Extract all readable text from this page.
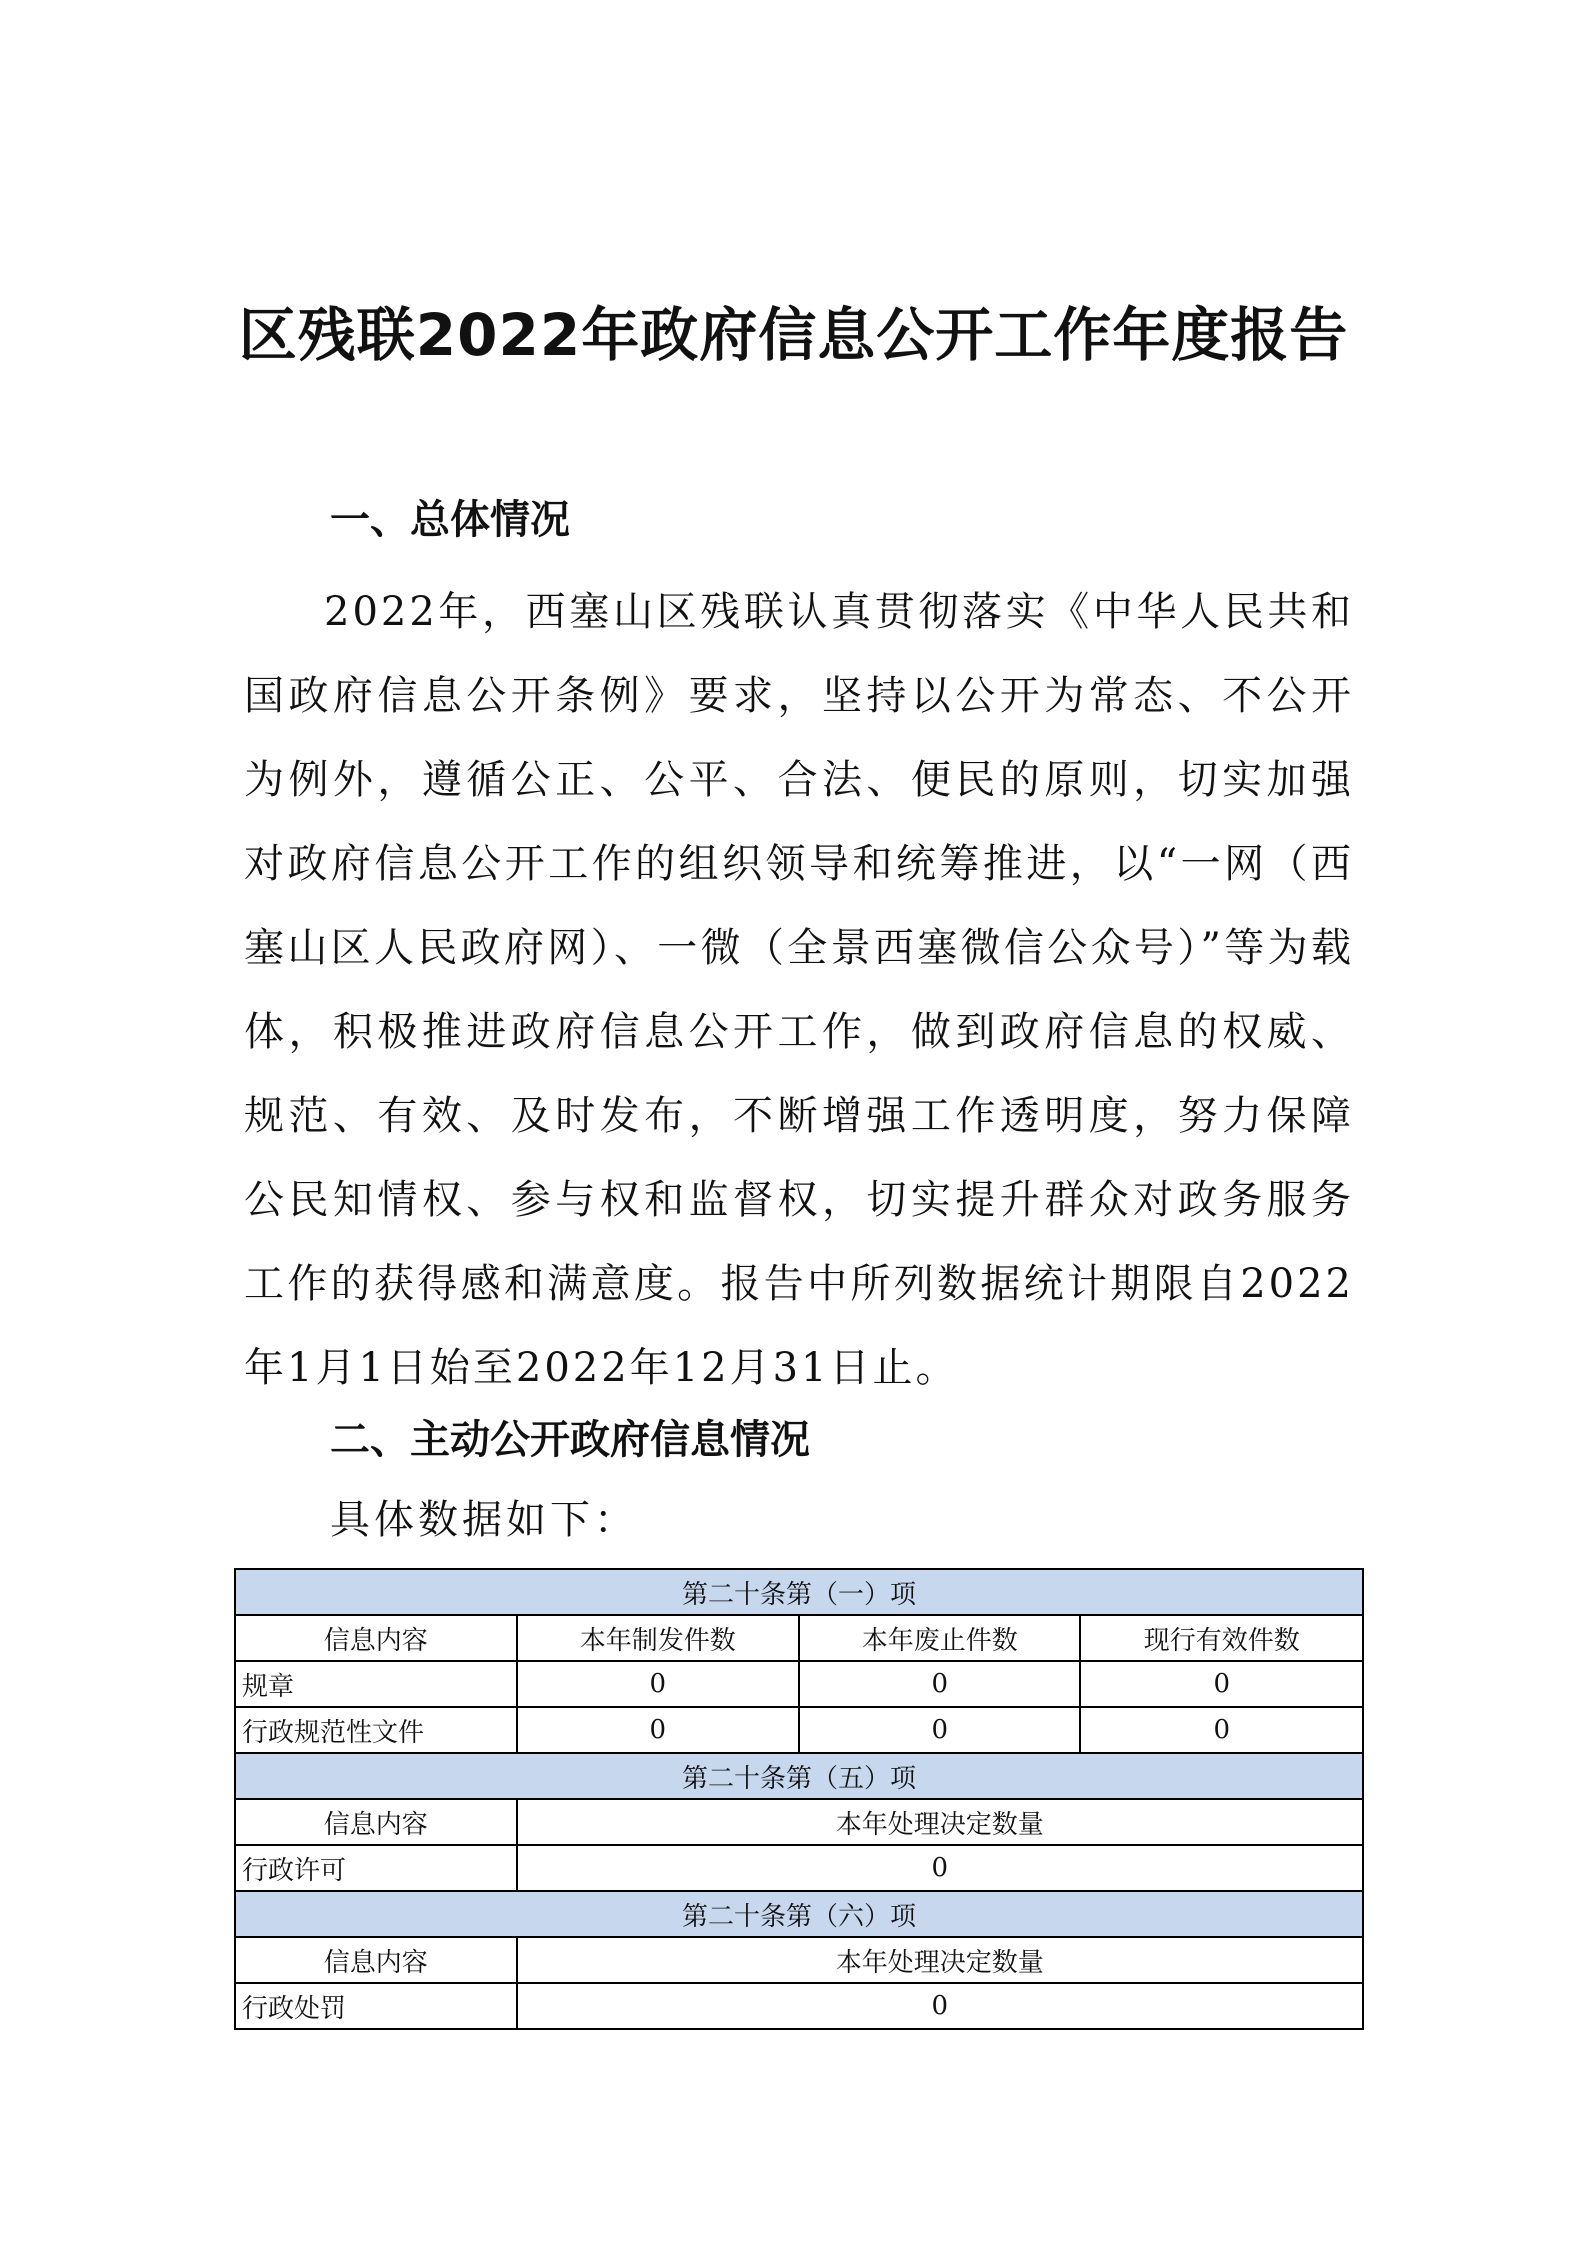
区残联2022年政府信息公开工作年度报告
一、总体情况

2022年，西塞山区残联认真贯彻落实《中华人民共和国政府信息公开条例》要求，坚持以公开为常态、不公开为例外，遵循公正、公平、合法、便民的原则，切实加强对政府信息公开工作的组织领导和统筹推进，以“一网（西塞山区人民政府网）、一微（全景西塞微信公众号）”等为载体，积极推进政府信息公开工作，做到政府信息的权威、规范、有效、及时发布，不断增强工作透明度，努力保障公民知情权、参与权和监督权，切实提升群众对政务服务工作的获得感和满意度。报告中所列数据统计期限自2022年1月1日始至2022年12月31日止。

二、主动公开政府信息情况

具体数据如下：

第二十条第（一）项			
信息内容	本年制发件数	本年废止件数	现行有效件数
规章	0	0	0
行政规范性文件	0	0	0
第二十条第（五）项			
信息内容	本年处理决定数量		
行政许可	0		
第二十条第（六）项			
信息内容	本年处理决定数量		
行政处罚	0		
